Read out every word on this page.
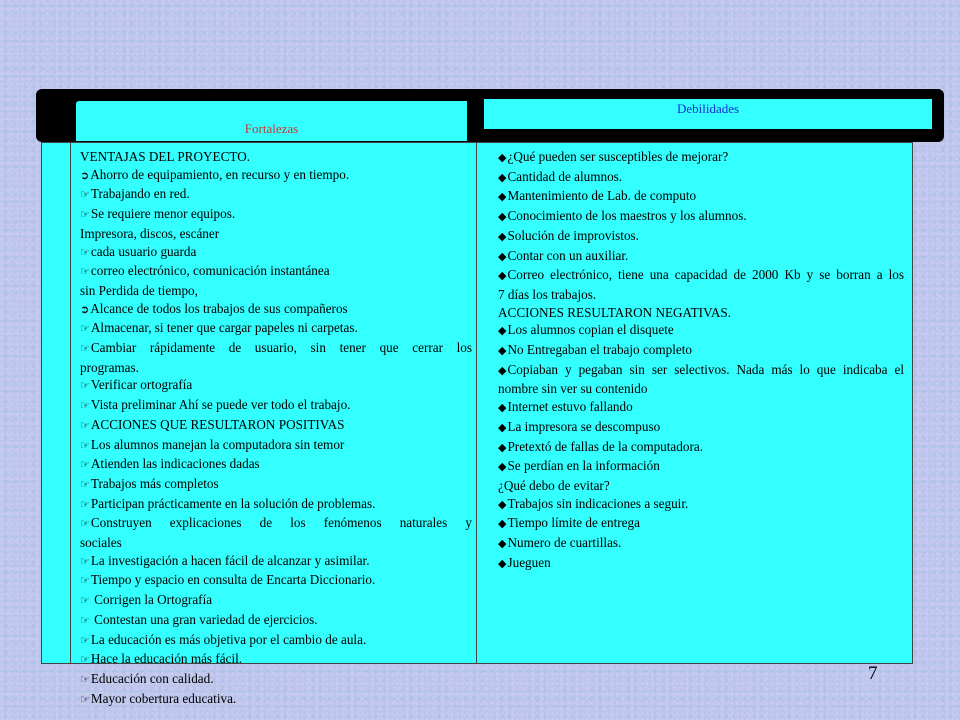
Fortalezas
Debilidades
VENTAJAS DEL PROYECTO.
➲Ahorro de equipamiento, en recurso y en tiempo.
☞Trabajando en red.
☞Se requiere menor equipos.
Impresora, discos, escáner
☞cada usuario guarda
☞correo electrónico, comunicación instantánea
sin Perdida de tiempo,
➲Alcance de todos los trabajos de sus compañeros
☞Almacenar, si tener que cargar papeles ni carpetas.
☞Cambiar rápidamente de usuario, sin tener que cerrar los
programas.
☞Verificar ortografía
☞Vista preliminar Ahí se puede ver todo el trabajo.
☞ACCIONES QUE RESULTARON POSITIVAS
☞Los alumnos manejan la computadora sin temor
☞Atienden las indicaciones dadas
☞Trabajos más completos
☞Participan prácticamente en la solución de problemas.
☞Construyen explicaciones de los fenómenos naturales y
sociales
☞La investigación a hacen fácil de alcanzar y asimilar.
☞Tiempo y espacio en consulta de Encarta Diccionario.
☞ Corrigen la Ortografía
☞ Contestan una gran variedad de ejercicios.
☞La educación es más objetiva por el cambio de aula.
☞Hace la educación más fácil.
☞Educación con calidad.
☞Mayor cobertura educativa.
◆¿Qué pueden ser susceptibles de mejorar?
◆Cantidad de alumnos.
◆Mantenimiento de Lab. de computo
◆Conocimiento de los maestros y los alumnos.
◆Solución de improvistos.
◆Contar con un auxiliar.
◆Correo electrónico, tiene una capacidad de 2000 Kb y se borran a los
7 días los trabajos.
ACCIONES RESULTARON NEGATIVAS.
◆Los alumnos copian el disquete
◆No Entregaban el trabajo completo
◆Copiaban y pegaban sin ser selectivos. Nada más lo que indicaba el
nombre sin ver su contenido
◆Internet estuvo fallando
◆La impresora se descompuso
◆Pretextó de fallas de la computadora.
◆Se perdían en la información
¿Qué debo de evitar?
◆Trabajos sin indicaciones a seguir.
◆Tiempo límite de entrega
◆Numero de cuartillas.
◆Jueguen
7
